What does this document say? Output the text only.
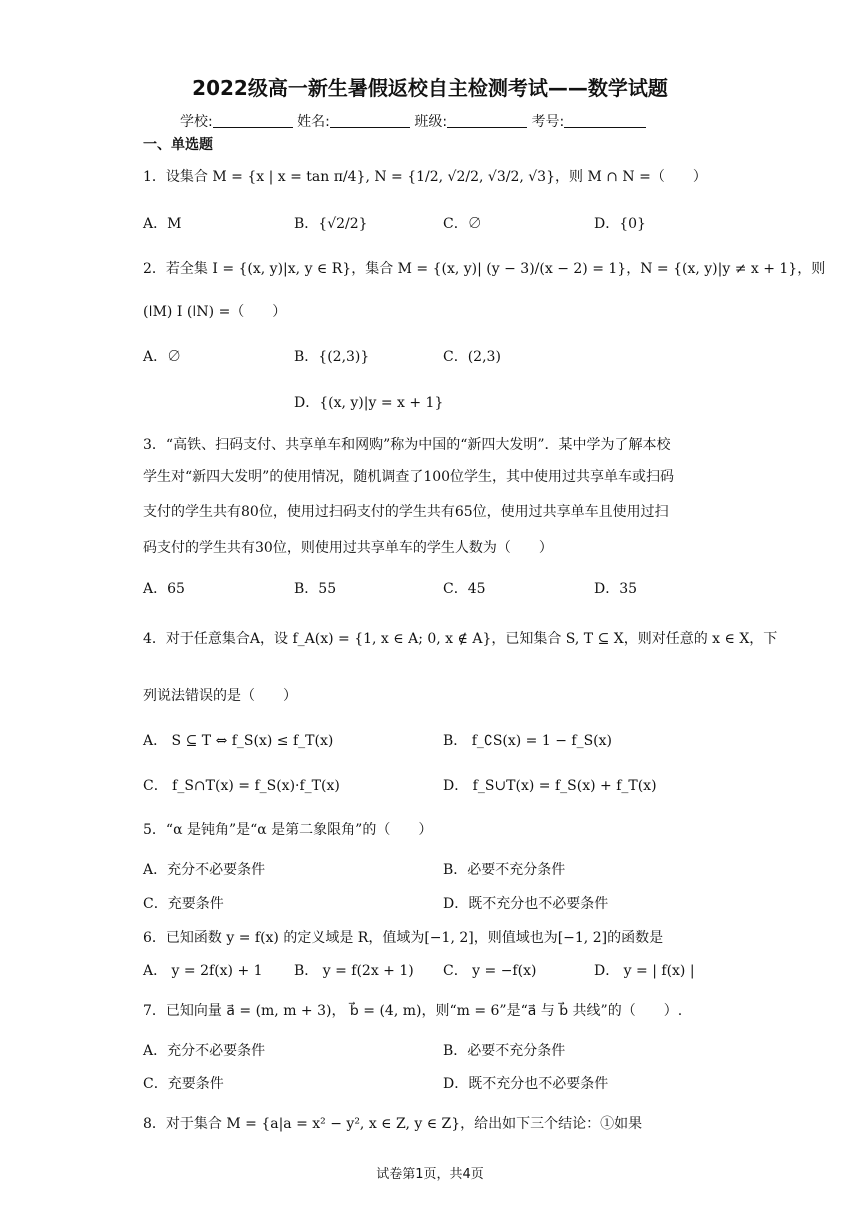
2022级高一新生暑假返校自主检测考试——数学试题
学校:	姓名:	班级:	考号:
一、单选题
1．设集合 M = {x | x = tan π/4}, N = {1/2, √2/2, √3/2, √3}，则 M ∩ N =（　　）
A．M	B．{√2/2}	C．∅	D．{0}
2．若全集 I = {(x, y)|x, y ∈ R}，集合 M = {(x, y)| (y − 3)/(x − 2) = 1}，N = {(x, y)|y ≠ x + 1}，则
(ǀM) I (ǀN) =（　　）
A．∅	B．{(2,3)}	C．(2,3)
D．{(x, y)|y = x + 1}
3．“高铁、扫码支付、共享单车和网购”称为中国的“新四大发明”．某中学为了解本校
学生对“新四大发明”的使用情况，随机调查了100位学生，其中使用过共享单车或扫码
支付的学生共有80位，使用过扫码支付的学生共有65位，使用过共享单车且使用过扫
码支付的学生共有30位，则使用过共享单车的学生人数为（　　）
A．65	B．55	C．45	D．35
4．对于任意集合A，设 f_A(x) = {1, x ∈ A; 0, x ∉ A}，已知集合 S, T ⊆ X，则对任意的 x ∈ X，下
列说法错误的是（　　）
A． S ⊆ T ⇔ f_S(x) ≤ f_T(x)	B． f_∁S(x) = 1 − f_S(x)
C． f_S∩T(x) = f_S(x)·f_T(x)	D． f_S∪T(x) = f_S(x) + f_T(x)
5．“α 是钝角”是“α 是第二象限角”的（　　）
A．充分不必要条件	B．必要不充分条件
C．充要条件	D．既不充分也不必要条件
6．已知函数 y = f(x) 的定义域是 R，值域为[−1, 2]，则值域也为[−1, 2]的函数是
A． y = 2f(x) + 1 B． y = f(2x + 1) C． y = −f(x)	D． y = | f(x) |
7．已知向量 a⃗ = (m, m + 3)， b⃗ = (4, m)，则“m = 6”是“a⃗ 与 b⃗ 共线”的（　　）.
A．充分不必要条件	B．必要不充分条件
C．充要条件	D．既不充分也不必要条件
8．对于集合 M = {a|a = x² − y², x ∈ Z, y ∈ Z}，给出如下三个结论：①如果
试卷第1页，共4页
